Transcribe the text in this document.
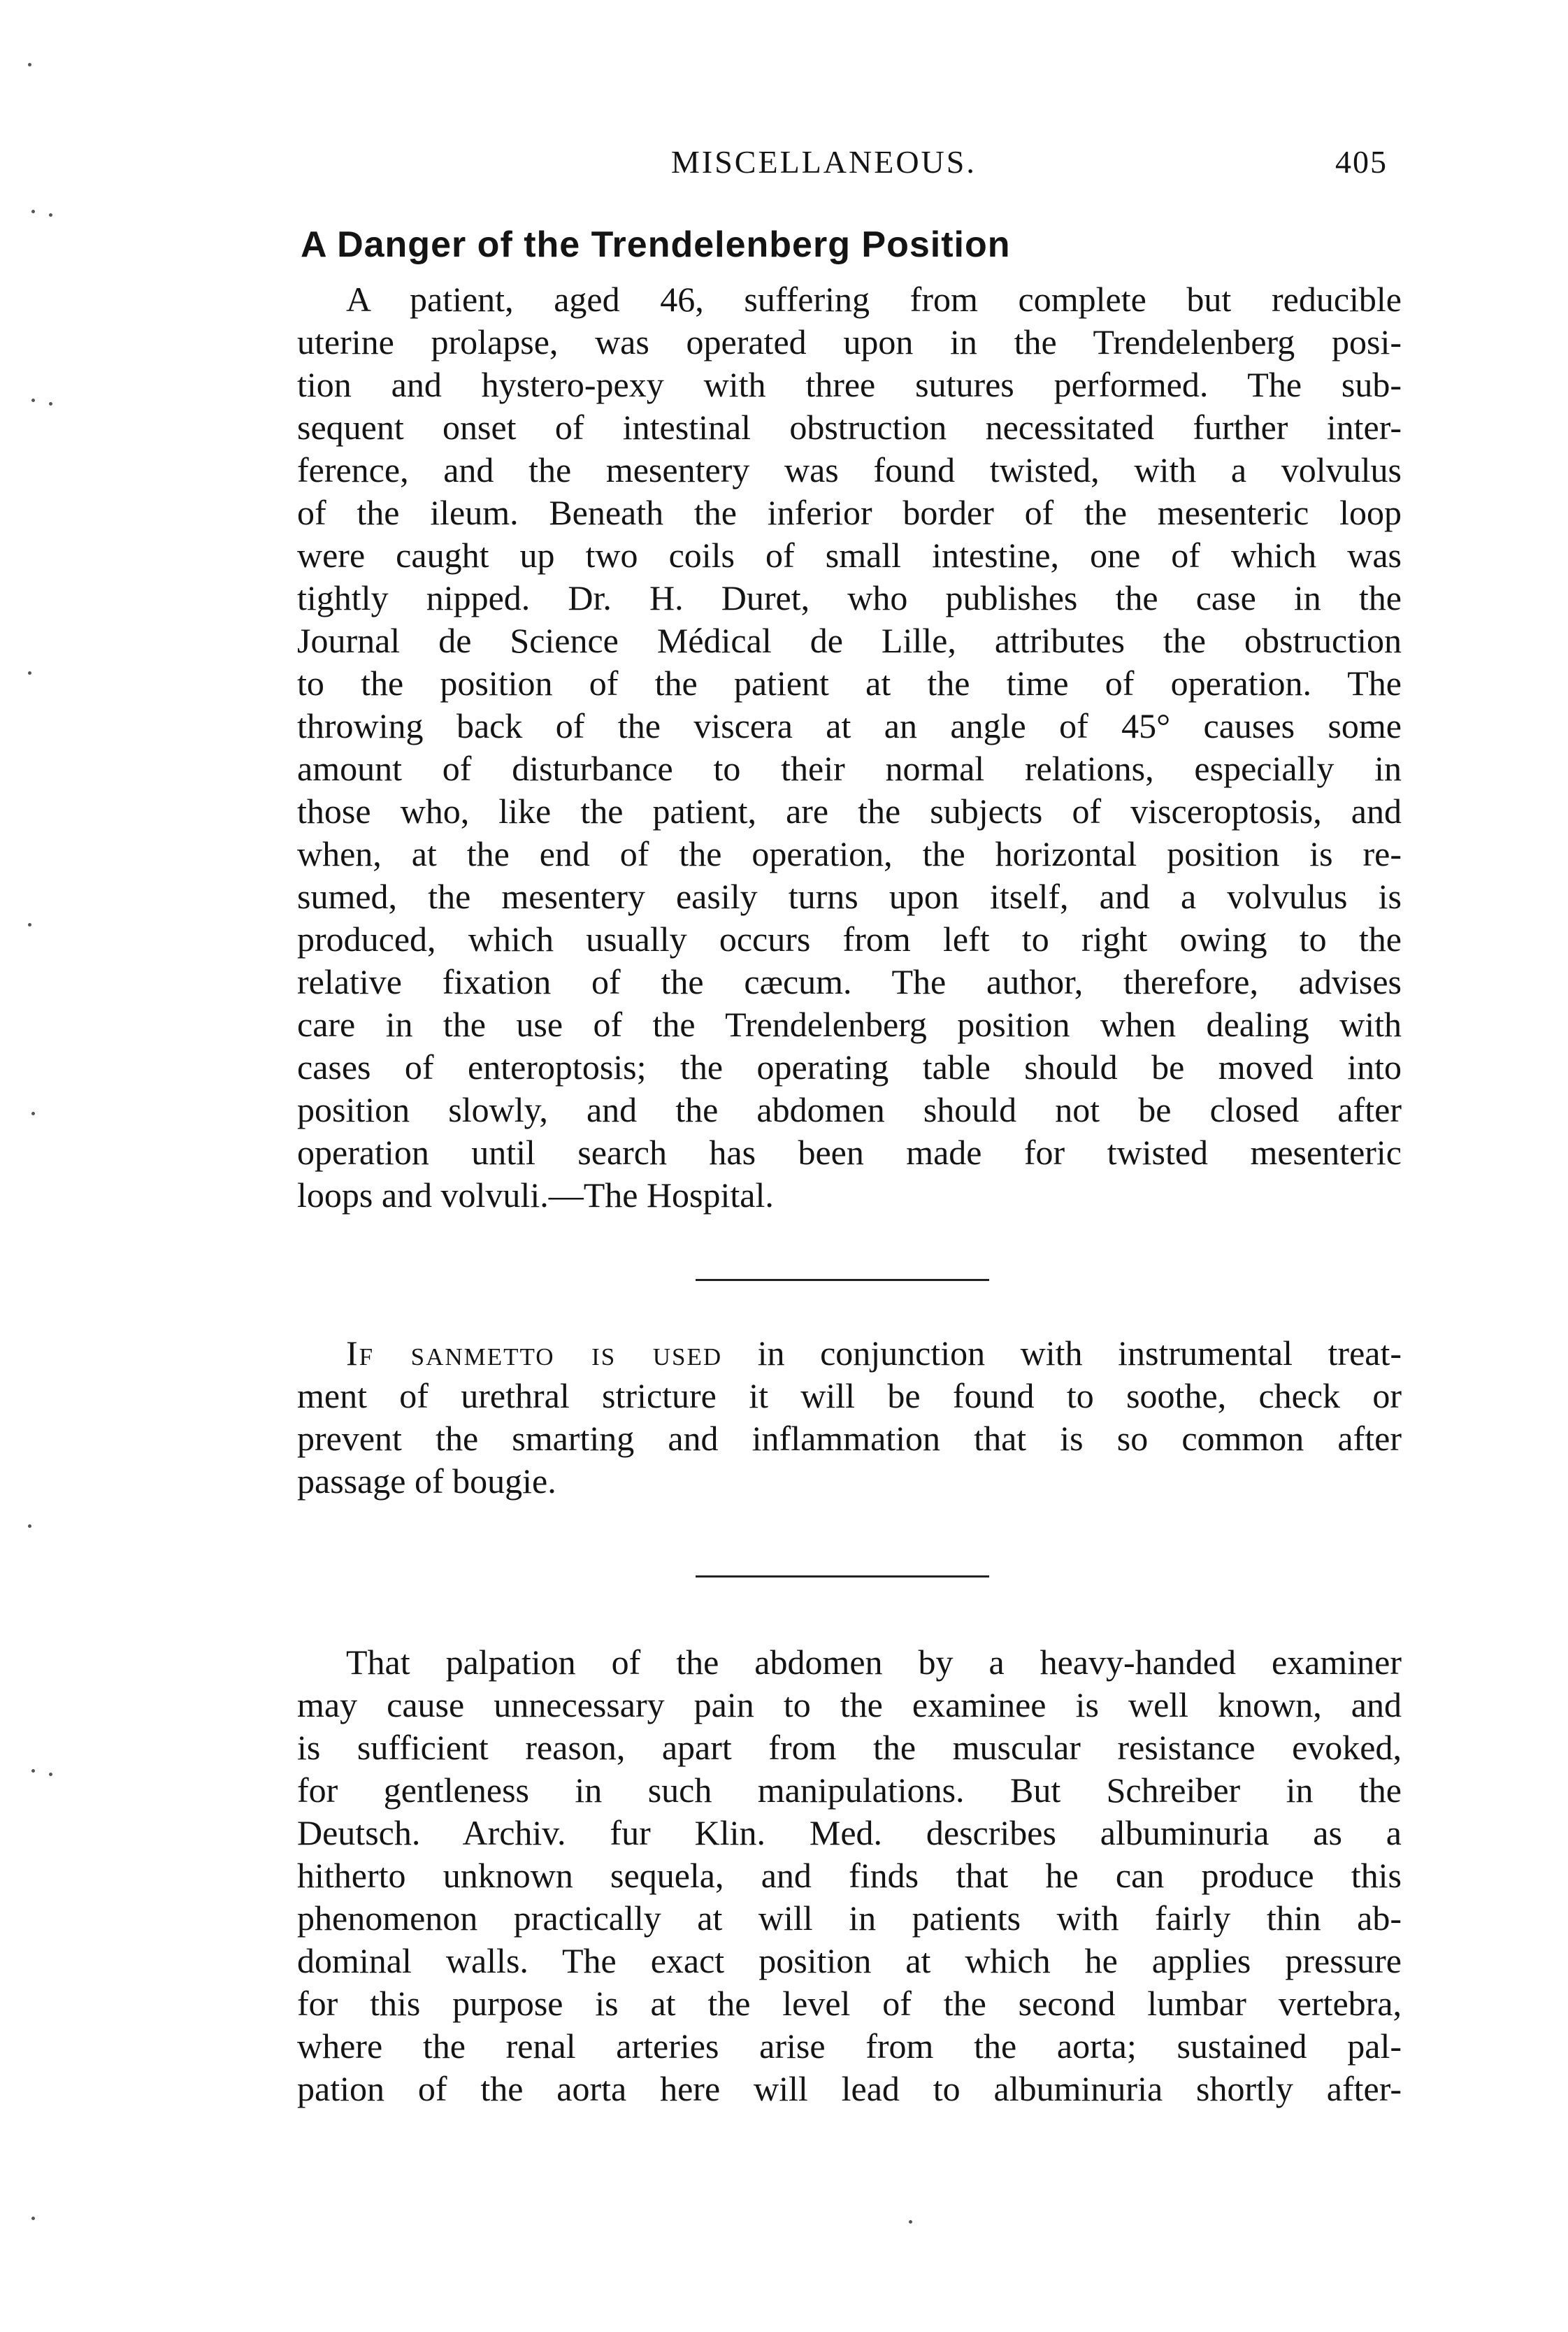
MISCELLANEOUS.	405
A Danger of the Trendelenberg Position
A patient, aged 46, suffering from complete but reducible
uterine prolapse, was operated upon in the Trendelenberg posi-
tion and hystero-pexy with three sutures performed. The sub-
sequent onset of intestinal obstruction necessitated further inter-
ference, and the mesentery was found twisted, with a volvulus
of the ileum. Beneath the inferior border of the mesenteric loop
were caught up two coils of small intestine, one of which was
tightly nipped. Dr. H. Duret, who publishes the case in the
Journal de Science Médical de Lille, attributes the obstruction
to the position of the patient at the time of operation. The
throwing back of the viscera at an angle of 45° causes some
amount of disturbance to their normal relations, especially in
those who, like the patient, are the subjects of visceroptosis, and
when, at the end of the operation, the horizontal position is re-
sumed, the mesentery easily turns upon itself, and a volvulus is
produced, which usually occurs from left to right owing to the
relative fixation of the cæcum. The author, therefore, advises
care in the use of the Trendelenberg position when dealing with
cases of enteroptosis; the operating table should be moved into
position slowly, and the abdomen should not be closed after
operation until search has been made for twisted mesenteric
loops and volvuli.—The Hospital.
If sanmetto is used in conjunction with instrumental treat-
ment of urethral stricture it will be found to soothe, check or
prevent the smarting and inflammation that is so common after
passage of bougie.
That palpation of the abdomen by a heavy-handed examiner
may cause unnecessary pain to the examinee is well known, and
is sufficient reason, apart from the muscular resistance evoked,
for gentleness in such manipulations. But Schreiber in the
Deutsch. Archiv. fur Klin. Med. describes albuminuria as a
hitherto unknown sequela, and finds that he can produce this
phenomenon practically at will in patients with fairly thin ab-
dominal walls. The exact position at which he applies pressure
for this purpose is at the level of the second lumbar vertebra,
where the renal arteries arise from the aorta; sustained pal-
pation of the aorta here will lead to albuminuria shortly after-
